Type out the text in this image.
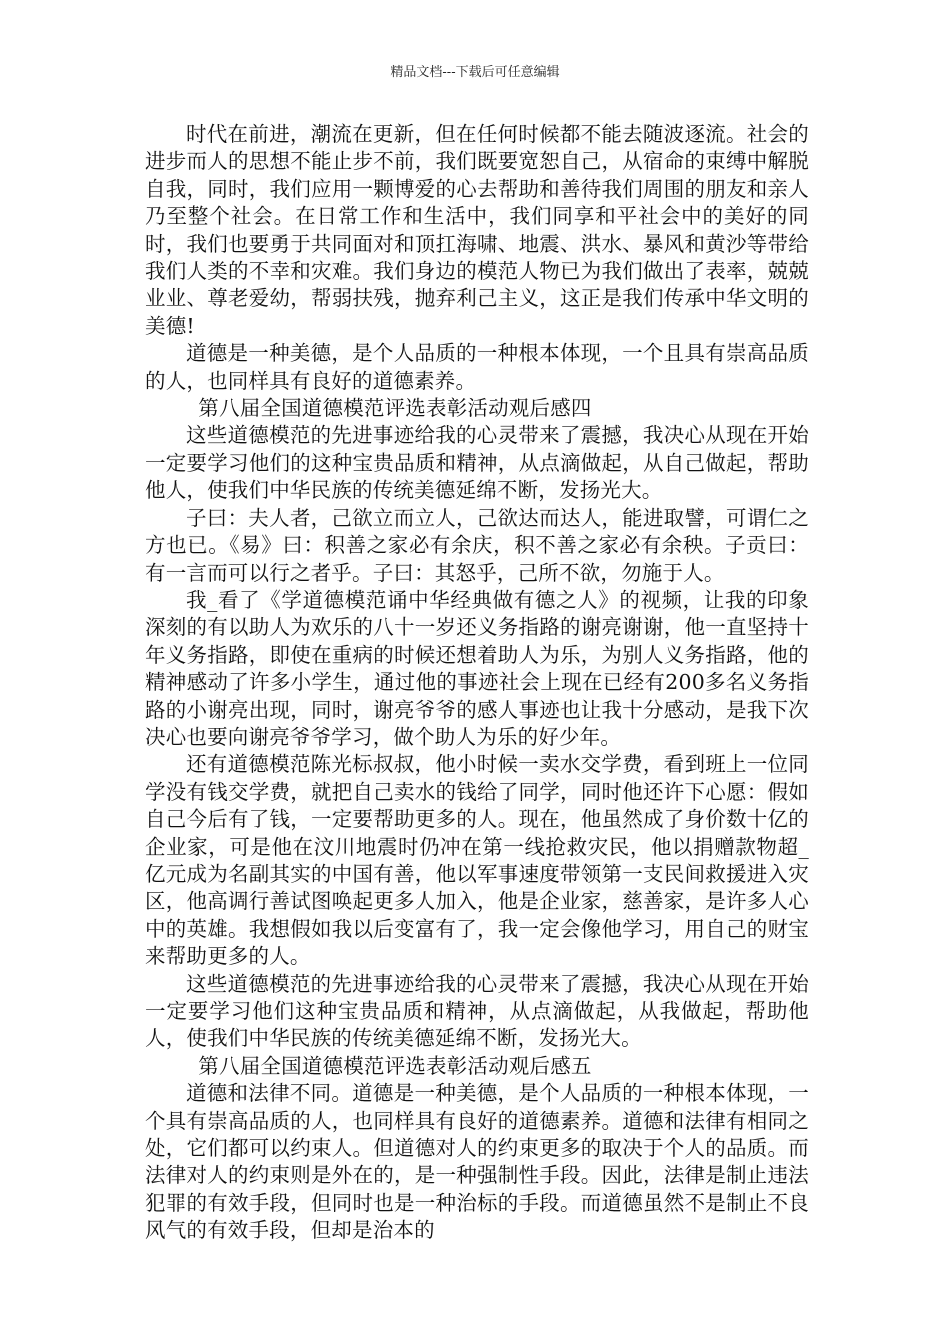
精品文档---下载后可任意编辑

时代在前进，潮流在更新，但在任何时候都不能去随波逐流。社会的进步而人的思想不能止步不前，我们既要宽恕自己，从宿命的束缚中解脱自我，同时，我们应用一颗博爱的心去帮助和善待我们周围的朋友和亲人乃至整个社会。在日常工作和生活中，我们同享和平社会中的美好的同时，我们也要勇于共同面对和顶扛海啸、地震、洪水、暴风和黄沙等带给我们人类的不幸和灾难。我们身边的模范人物已为我们做出了表率，兢兢业业、尊老爱幼，帮弱扶残，抛弃利己主义，这正是我们传承中华文明的美德!

道德是一种美德，是个人品质的一种根本体现，一个且具有崇高品质的人，也同样具有良好的道德素养。

第八届全国道德模范评选表彰活动观后感四

这些道德模范的先进事迹给我的心灵带来了震撼，我决心从现在开始一定要学习他们的这种宝贵品质和精神，从点滴做起，从自己做起，帮助他人，使我们中华民族的传统美德延绵不断，发扬光大。

子曰：夫人者，己欲立而立人，己欲达而达人，能进取譬，可谓仁之方也已。《易》曰：积善之家必有余庆，积不善之家必有余秧。子贡曰：有一言而可以行之者乎。子曰：其怒乎，己所不欲，勿施于人。

我_看了《学道德模范诵中华经典做有德之人》的视频，让我的印象深刻的有以助人为欢乐的八十一岁还义务指路的谢亮谢谢，他一直坚持十年义务指路，即使在重病的时候还想着助人为乐，为别人义务指路，他的精神感动了许多小学生，通过他的事迹社会上现在已经有200多名义务指路的小谢亮出现，同时，谢亮爷爷的感人事迹也让我十分感动，是我下次决心也要向谢亮爷爷学习，做个助人为乐的好少年。

还有道德模范陈光标叔叔，他小时候一卖水交学费，看到班上一位同学没有钱交学费，就把自己卖水的钱给了同学，同时他还许下心愿：假如自己今后有了钱，一定要帮助更多的人。现在，他虽然成了身价数十亿的企业家，可是他在汶川地震时仍冲在第一线抢救灾民，他以捐赠款物超_亿元成为名副其实的中国有善，他以军事速度带领第一支民间救援进入灾区，他高调行善试图唤起更多人加入，他是企业家，慈善家，是许多人心中的英雄。我想假如我以后变富有了，我一定会像他学习，用自己的财宝来帮助更多的人。

这些道德模范的先进事迹给我的心灵带来了震撼，我决心从现在开始一定要学习他们这种宝贵品质和精神，从点滴做起，从我做起，帮助他人，使我们中华民族的传统美德延绵不断，发扬光大。

第八届全国道德模范评选表彰活动观后感五

道德和法律不同。道德是一种美德，是个人品质的一种根本体现，一个具有崇高品质的人，也同样具有良好的道德素养。道德和法律有相同之处，它们都可以约束人。但道德对人的约束更多的取决于个人的品质。而法律对人的约束则是外在的，是一种强制性手段。因此，法律是制止违法犯罪的有效手段，但同时也是一种治标的手段。而道德虽然不是制止不良风气的有效手段，但却是治本的
